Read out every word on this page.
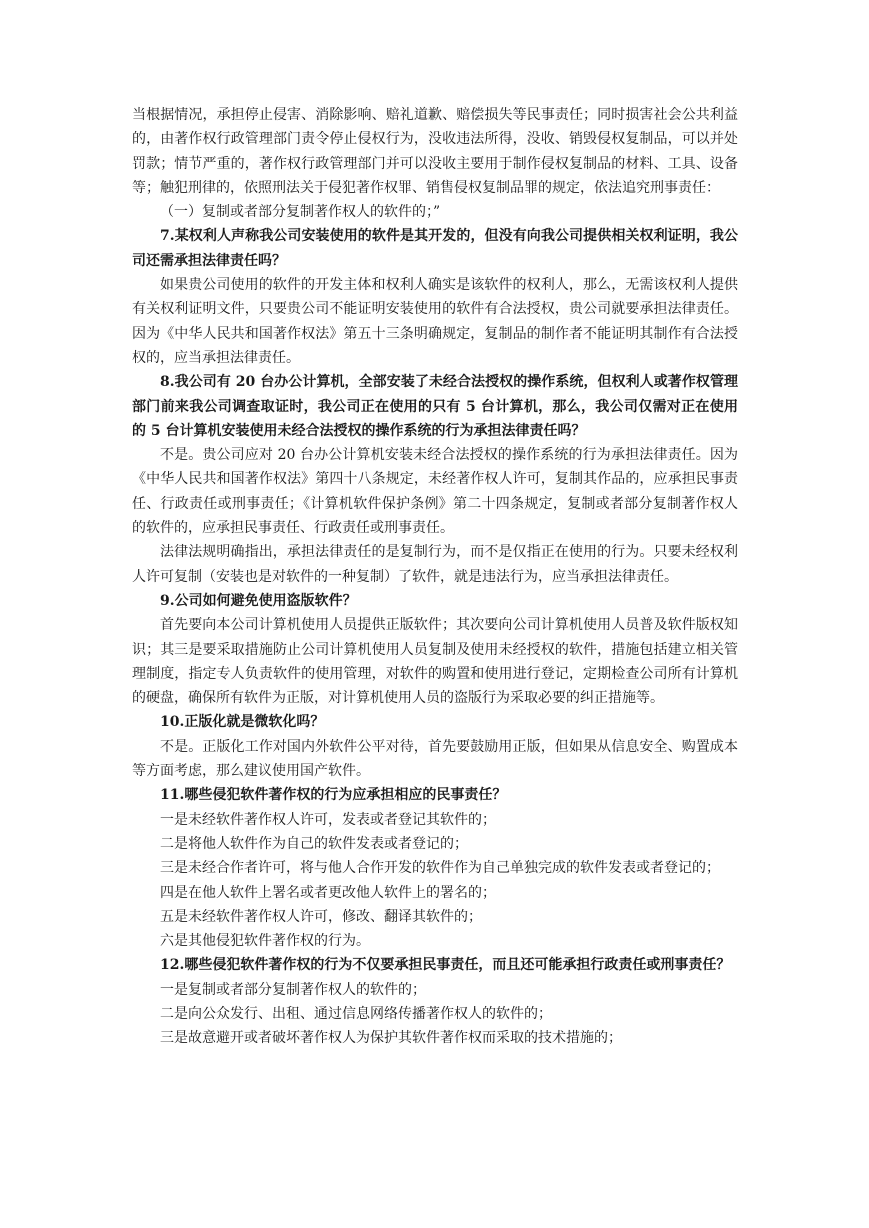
当根据情况，承担停止侵害、消除影响、赔礼道歉、赔偿损失等民事责任；同时损害社会公共利益的，由著作权行政管理部门责令停止侵权行为，没收违法所得，没收、销毁侵权复制品，可以并处罚款；情节严重的，著作权行政管理部门并可以没收主要用于制作侵权复制品的材料、工具、设备等；触犯刑律的，依照刑法关于侵犯著作权罪、销售侵权复制品罪的规定，依法追究刑事责任：

（一）复制或者部分复制著作权人的软件的；”

7.某权利人声称我公司安装使用的软件是其开发的，但没有向我公司提供相关权利证明，我公司还需承担法律责任吗？

如果贵公司使用的软件的开发主体和权利人确实是该软件的权利人，那么，无需该权利人提供有关权利证明文件，只要贵公司不能证明安装使用的软件有合法授权，贵公司就要承担法律责任。因为《中华人民共和国著作权法》第五十三条明确规定，复制品的制作者不能证明其制作有合法授权的，应当承担法律责任。

8.我公司有 20 台办公计算机，全部安装了未经合法授权的操作系统，但权利人或著作权管理部门前来我公司调查取证时，我公司正在使用的只有 5 台计算机，那么，我公司仅需对正在使用的 5 台计算机安装使用未经合法授权的操作系统的行为承担法律责任吗？

不是。贵公司应对 20 台办公计算机安装未经合法授权的操作系统的行为承担法律责任。因为《中华人民共和国著作权法》第四十八条规定，未经著作权人许可，复制其作品的，应承担民事责任、行政责任或刑事责任；《计算机软件保护条例》第二十四条规定，复制或者部分复制著作权人的软件的，应承担民事责任、行政责任或刑事责任。

法律法规明确指出，承担法律责任的是复制行为，而不是仅指正在使用的行为。只要未经权利人许可复制（安装也是对软件的一种复制）了软件，就是违法行为，应当承担法律责任。

9.公司如何避免使用盗版软件？

首先要向本公司计算机使用人员提供正版软件；其次要向公司计算机使用人员普及软件版权知识；其三是要采取措施防止公司计算机使用人员复制及使用未经授权的软件，措施包括建立相关管理制度，指定专人负责软件的使用管理，对软件的购置和使用进行登记，定期检查公司所有计算机的硬盘，确保所有软件为正版，对计算机使用人员的盗版行为采取必要的纠正措施等。

10.正版化就是微软化吗？

不是。正版化工作对国内外软件公平对待，首先要鼓励用正版，但如果从信息安全、购置成本等方面考虑，那么建议使用国产软件。

11.哪些侵犯软件著作权的行为应承担相应的民事责任？

一是未经软件著作权人许可，发表或者登记其软件的；

二是将他人软件作为自己的软件发表或者登记的；

三是未经合作者许可，将与他人合作开发的软件作为自己单独完成的软件发表或者登记的；

四是在他人软件上署名或者更改他人软件上的署名的；

五是未经软件著作权人许可，修改、翻译其软件的；

六是其他侵犯软件著作权的行为。

12.哪些侵犯软件著作权的行为不仅要承担民事责任，而且还可能承担行政责任或刑事责任？

一是复制或者部分复制著作权人的软件的；

二是向公众发行、出租、通过信息网络传播著作权人的软件的；

三是故意避开或者破坏著作权人为保护其软件著作权而采取的技术措施的；
